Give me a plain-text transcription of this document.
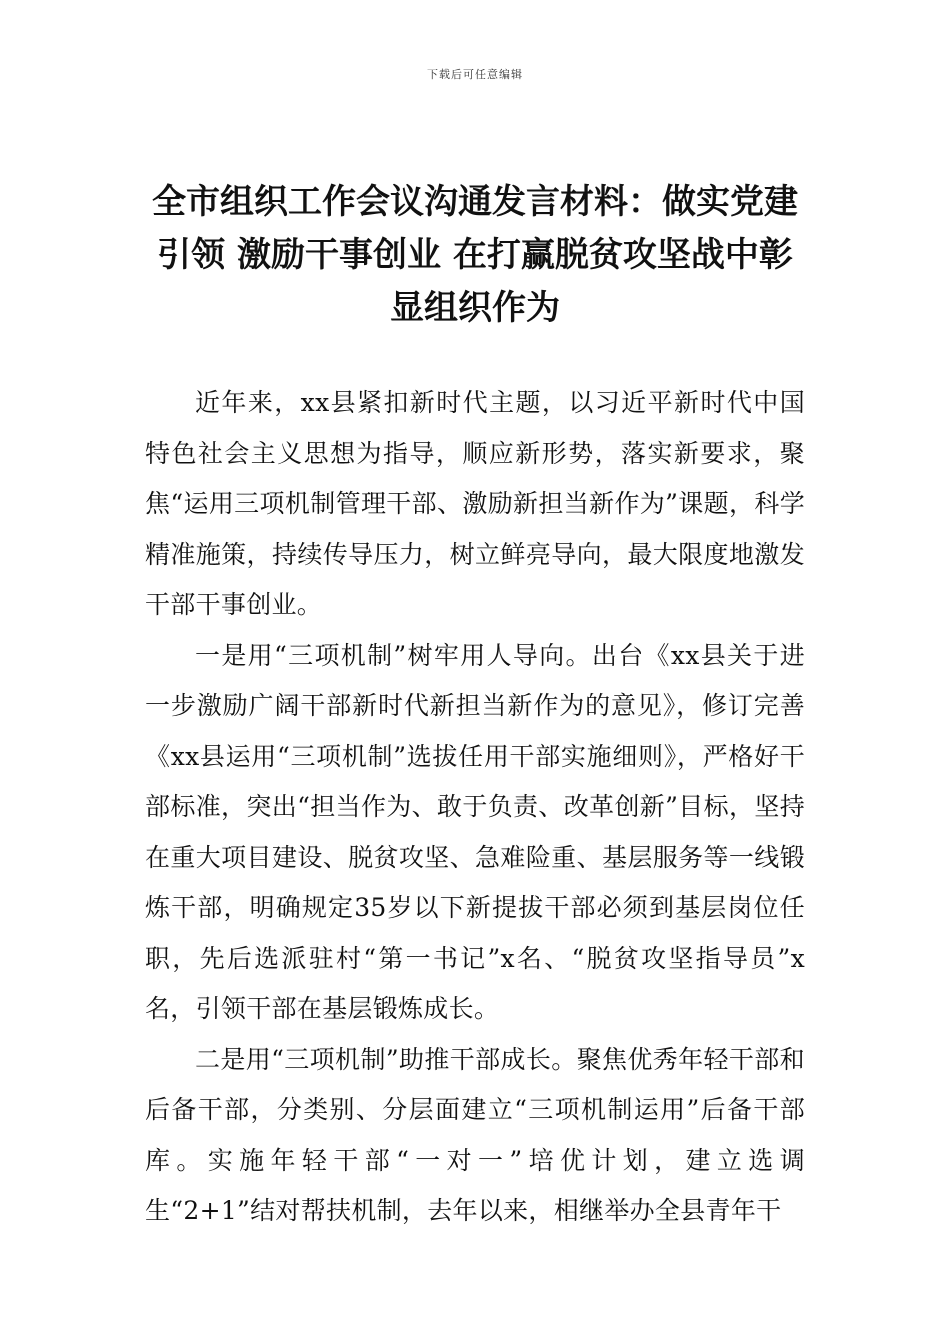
下载后可任意编辑
全市组织工作会议沟通发言材料：做实党建引领 激励干事创业 在打赢脱贫攻坚战中彰显组织作为

近年来，xx县紧扣新时代主题，以习近平新时代中国特色社会主义思想为指导，顺应新形势，落实新要求，聚焦“运用三项机制管理干部、激励新担当新作为”课题，科学精准施策，持续传导压力，树立鲜亮导向，最大限度地激发干部干事创业。

一是用“三项机制”树牢用人导向。出台《xx县关于进一步激励广阔干部新时代新担当新作为的意见》，修订完善《xx县运用“三项机制”选拔任用干部实施细则》，严格好干部标准，突出“担当作为、敢于负责、改革创新”目标，坚持在重大项目建设、脱贫攻坚、急难险重、基层服务等一线锻炼干部，明确规定35岁以下新提拔干部必须到基层岗位任职，先后选派驻村“第一书记”x名、“脱贫攻坚指导员”x名，引领干部在基层锻炼成长。

二是用“三项机制”助推干部成长。聚焦优秀年轻干部和后备干部，分类别、分层面建立“三项机制运用”后备干部库。实施年轻干部“一对一”培优计划，建立选调生“2+1”结对帮扶机制，去年以来，相继举办全县青年干
